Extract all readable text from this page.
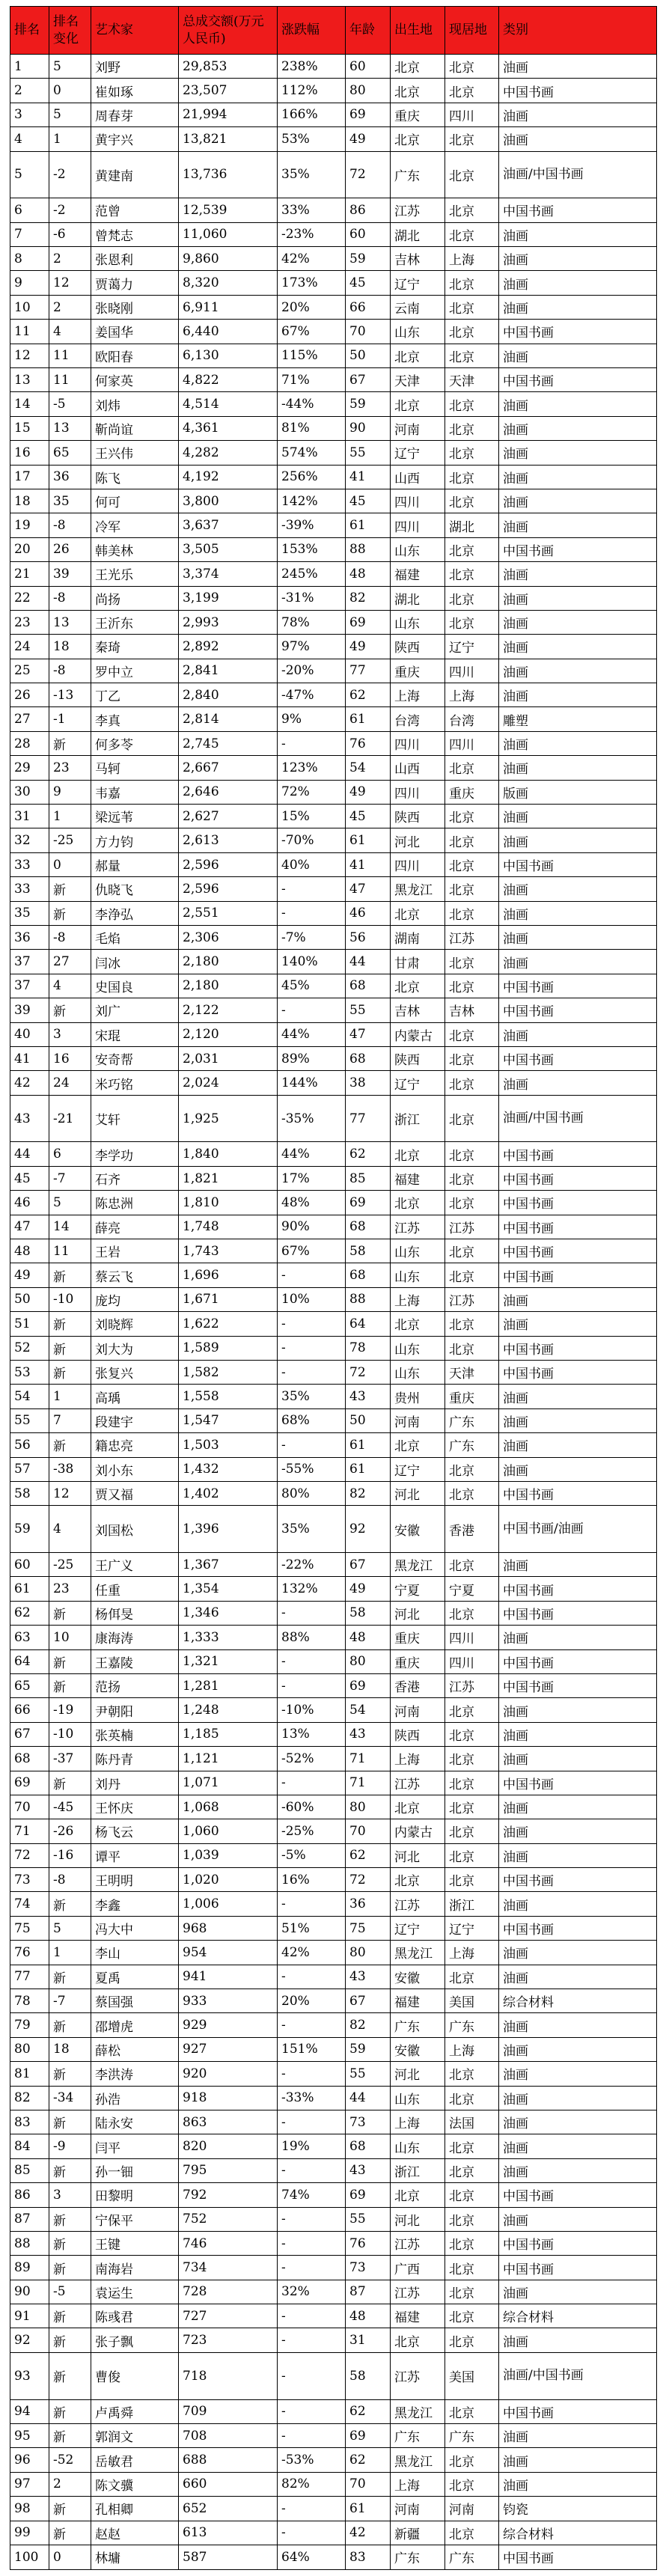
排名	排名变化	艺术家	总成交额(万元人民币)	涨跌幅	年龄	出生地	现居地	类别
1	5	刘野	29,853	238%	60	北京	北京	油画
2	0	崔如琢	23,507	112%	80	北京	北京	中国书画
3	5	周春芽	21,994	166%	69	重庆	四川	油画
4	1	黄宇兴	13,821	53%	49	北京	北京	油画
5	-2	黄建南	13,736	35%	72	广东	北京	油画/中国书画
6	-2	范曾	12,539	33%	86	江苏	北京	中国书画
7	-6	曾梵志	11,060	-23%	60	湖北	北京	油画
8	2	张恩利	9,860	42%	59	吉林	上海	油画
9	12	贾蔼力	8,320	173%	45	辽宁	北京	油画
10	2	张晓刚	6,911	20%	66	云南	北京	油画
11	4	姜国华	6,440	67%	70	山东	北京	中国书画
12	11	欧阳春	6,130	115%	50	北京	北京	油画
13	11	何家英	4,822	71%	67	天津	天津	中国书画
14	-5	刘炜	4,514	-44%	59	北京	北京	油画
15	13	靳尚谊	4,361	81%	90	河南	北京	油画
16	65	王兴伟	4,282	574%	55	辽宁	北京	油画
17	36	陈飞	4,192	256%	41	山西	北京	油画
18	35	何可	3,800	142%	45	四川	北京	油画
19	-8	冷军	3,637	-39%	61	四川	湖北	油画
20	26	韩美林	3,505	153%	88	山东	北京	中国书画
21	39	王光乐	3,374	245%	48	福建	北京	油画
22	-8	尚扬	3,199	-31%	82	湖北	北京	油画
23	13	王沂东	2,993	78%	69	山东	北京	油画
24	18	秦琦	2,892	97%	49	陕西	辽宁	油画
25	-8	罗中立	2,841	-20%	77	重庆	四川	油画
26	-13	丁乙	2,840	-47%	62	上海	上海	油画
27	-1	李真	2,814	9%	61	台湾	台湾	雕塑
28	新	何多苓	2,745	-	76	四川	四川	油画
29	23	马轲	2,667	123%	54	山西	北京	油画
30	9	韦嘉	2,646	72%	49	四川	重庆	版画
31	1	梁远苇	2,627	15%	45	陕西	北京	油画
32	-25	方力钧	2,613	-70%	61	河北	北京	油画
33	0	郝量	2,596	40%	41	四川	北京	中国书画
33	新	仇晓飞	2,596	-	47	黑龙江	北京	油画
35	新	李浄弘	2,551	-	46	北京	北京	油画
36	-8	毛焰	2,306	-7%	56	湖南	江苏	油画
37	27	闫冰	2,180	140%	44	甘肃	北京	油画
37	4	史国良	2,180	45%	68	北京	北京	中国书画
39	新	刘广	2,122	-	55	吉林	吉林	中国书画
40	3	宋琨	2,120	44%	47	内蒙古	北京	油画
41	16	安奇帮	2,031	89%	68	陕西	北京	中国书画
42	24	米巧铭	2,024	144%	38	辽宁	北京	油画
43	-21	艾轩	1,925	-35%	77	浙江	北京	油画/中国书画
44	6	李学功	1,840	44%	62	北京	北京	中国书画
45	-7	石齐	1,821	17%	85	福建	北京	中国书画
46	5	陈忠洲	1,810	48%	69	北京	北京	中国书画
47	14	薛亮	1,748	90%	68	江苏	江苏	中国书画
48	11	王岩	1,743	67%	58	山东	北京	中国书画
49	新	蔡云飞	1,696	-	68	山东	北京	中国书画
50	-10	庞均	1,671	10%	88	上海	江苏	油画
51	新	刘晓辉	1,622	-	64	北京	北京	油画
52	新	刘大为	1,589	-	78	山东	北京	中国书画
53	新	张复兴	1,582	-	72	山东	天津	中国书画
54	1	高瑀	1,558	35%	43	贵州	重庆	油画
55	7	段建宇	1,547	68%	50	河南	广东	油画
56	新	籍忠亮	1,503	-	61	北京	广东	油画
57	-38	刘小东	1,432	-55%	61	辽宁	北京	油画
58	12	贾又福	1,402	80%	82	河北	北京	中国书画
59	4	刘国松	1,396	35%	92	安徽	香港	中国书画/油画
60	-25	王广义	1,367	-22%	67	黑龙江	北京	油画
61	23	任重	1,354	132%	49	宁夏	宁夏	中国书画
62	新	杨佴旻	1,346	-	58	河北	北京	中国书画
63	10	康海涛	1,333	88%	48	重庆	四川	油画
64	新	王嘉陵	1,321	-	80	重庆	四川	中国书画
65	新	范扬	1,281	-	69	香港	江苏	中国书画
66	-19	尹朝阳	1,248	-10%	54	河南	北京	油画
67	-10	张英楠	1,185	13%	43	陕西	北京	油画
68	-37	陈丹青	1,121	-52%	71	上海	北京	油画
69	新	刘丹	1,071	-	71	江苏	北京	中国书画
70	-45	王怀庆	1,068	-60%	80	北京	北京	油画
71	-26	杨飞云	1,060	-25%	70	内蒙古	北京	油画
72	-16	谭平	1,039	-5%	62	河北	北京	油画
73	-8	王明明	1,020	16%	72	北京	北京	中国书画
74	新	李鑫	1,006	-	36	江苏	浙江	油画
75	5	冯大中	968	51%	75	辽宁	辽宁	中国书画
76	1	李山	954	42%	80	黑龙江	上海	油画
77	新	夏禹	941	-	43	安徽	北京	油画
78	-7	蔡国强	933	20%	67	福建	美国	综合材料
79	新	邵增虎	929	-	82	广东	广东	油画
80	18	薛松	927	151%	59	安徽	上海	油画
81	新	李洪涛	920	-	55	河北	北京	油画
82	-34	孙浩	918	-33%	44	山东	北京	油画
83	新	陆永安	863	-	73	上海	法国	油画
84	-9	闫平	820	19%	68	山东	北京	油画
85	新	孙一钿	795	-	43	浙江	北京	油画
86	3	田黎明	792	74%	69	北京	北京	中国书画
87	新	宁保平	752	-	55	河北	北京	油画
88	新	王键	746	-	76	江苏	北京	中国书画
89	新	南海岩	734	-	73	广西	北京	中国书画
90	-5	袁运生	728	32%	87	江苏	北京	油画
91	新	陈彧君	727	-	48	福建	北京	综合材料
92	新	张子飘	723	-	31	北京	北京	油画
93	新	曹俊	718	-	58	江苏	美国	油画/中国书画
94	新	卢禹舜	709	-	62	黑龙江	北京	中国书画
95	新	郭润文	708	-	69	广东	广东	油画
96	-52	岳敏君	688	-53%	62	黑龙江	北京	油画
97	2	陈文骥	660	82%	70	上海	北京	油画
98	新	孔相卿	652	-	61	河南	河南	钧瓷
99	新	赵赵	613	-	42	新疆	北京	综合材料
100	0	林墉	587	64%	83	广东	广东	中国书画
